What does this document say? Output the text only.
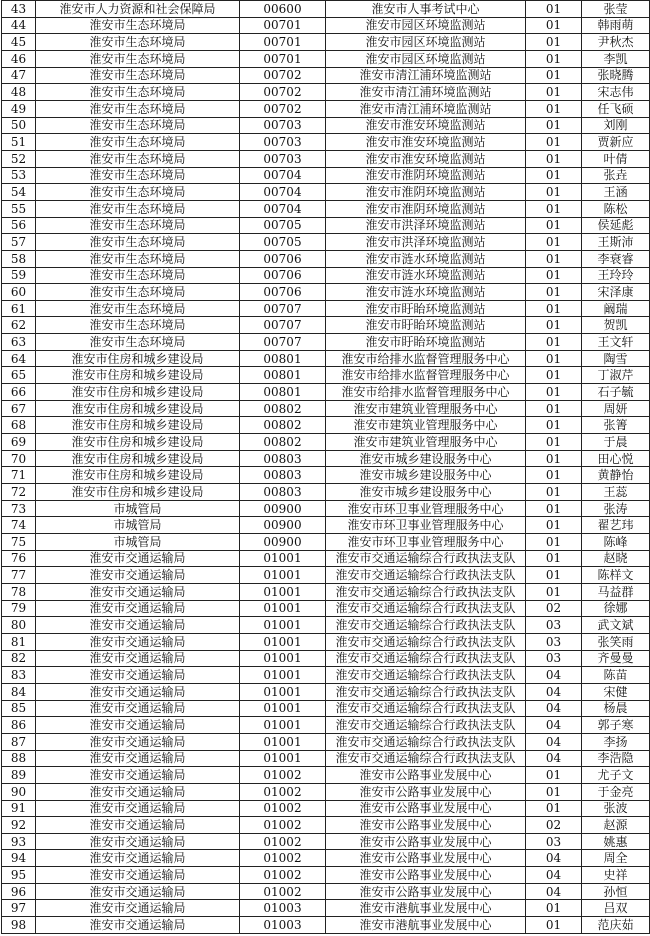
43	淮安市人力资源和社会保障局	00600	淮安市人事考试中心	01	张莹
44	淮安市生态环境局	00701	淮安市园区环境监测站	01	韩雨萌
45	淮安市生态环境局	00701	淮安市园区环境监测站	01	尹秋杰
46	淮安市生态环境局	00701	淮安市园区环境监测站	01	李凯
47	淮安市生态环境局	00702	淮安市清江浦环境监测站	01	张晓腾
48	淮安市生态环境局	00702	淮安市清江浦环境监测站	01	宋志伟
49	淮安市生态环境局	00702	淮安市清江浦环境监测站	01	任飞硕
50	淮安市生态环境局	00703	淮安市淮安环境监测站	01	刘刚
51	淮安市生态环境局	00703	淮安市淮安环境监测站	01	贾新应
52	淮安市生态环境局	00703	淮安市淮安环境监测站	01	叶倩
53	淮安市生态环境局	00704	淮安市淮阴环境监测站	01	张垚
54	淮安市生态环境局	00704	淮安市淮阴环境监测站	01	王涵
55	淮安市生态环境局	00704	淮安市淮阴环境监测站	01	陈松
56	淮安市生态环境局	00705	淮安市洪泽环境监测站	01	侯延彪
57	淮安市生态环境局	00705	淮安市洪泽环境监测站	01	王斯沛
58	淮安市生态环境局	00706	淮安市涟水环境监测站	01	李衰睿
59	淮安市生态环境局	00706	淮安市涟水环境监测站	01	王玲玲
60	淮安市生态环境局	00706	淮安市涟水环境监测站	01	宋泽康
61	淮安市生态环境局	00707	淮安市盱眙环境监测站	01	阚瑞
62	淮安市生态环境局	00707	淮安市盱眙环境监测站	01	贺凯
63	淮安市生态环境局	00707	淮安市盱眙环境监测站	01	王文轩
64	淮安市住房和城乡建设局	00801	淮安市给排水监督管理服务中心	01	陶雪
65	淮安市住房和城乡建设局	00801	淮安市给排水监督管理服务中心	01	丁淑芹
66	淮安市住房和城乡建设局	00801	淮安市给排水监督管理服务中心	01	石子毓
67	淮安市住房和城乡建设局	00802	淮安市建筑业管理服务中心	01	周妍
68	淮安市住房和城乡建设局	00802	淮安市建筑业管理服务中心	01	张箐
69	淮安市住房和城乡建设局	00802	淮安市建筑业管理服务中心	01	于晨
70	淮安市住房和城乡建设局	00803	淮安市城乡建设服务中心	01	田心悦
71	淮安市住房和城乡建设局	00803	淮安市城乡建设服务中心	01	黄静怡
72	淮安市住房和城乡建设局	00803	淮安市城乡建设服务中心	01	王蕊
73	市城管局	00900	淮安市环卫事业管理服务中心	01	张涛
74	市城管局	00900	淮安市环卫事业管理服务中心	01	翟艺玮
75	市城管局	00900	淮安市环卫事业管理服务中心	01	陈峰
76	淮安市交通运输局	01001	淮安市交通运输综合行政执法支队	01	赵晓
77	淮安市交通运输局	01001	淮安市交通运输综合行政执法支队	01	陈样文
78	淮安市交通运输局	01001	淮安市交通运输综合行政执法支队	01	马益群
79	淮安市交通运输局	01001	淮安市交通运输综合行政执法支队	02	徐娜
80	淮安市交通运输局	01001	淮安市交通运输综合行政执法支队	03	武文斌
81	淮安市交通运输局	01001	淮安市交通运输综合行政执法支队	03	张笑雨
82	淮安市交通运输局	01001	淮安市交通运输综合行政执法支队	03	齐曼曼
83	淮安市交通运输局	01001	淮安市交通运输综合行政执法支队	04	陈苗
84	淮安市交通运输局	01001	淮安市交通运输综合行政执法支队	04	宋健
85	淮安市交通运输局	01001	淮安市交通运输综合行政执法支队	04	杨晨
86	淮安市交通运输局	01001	淮安市交通运输综合行政执法支队	04	郭子寒
87	淮安市交通运输局	01001	淮安市交通运输综合行政执法支队	04	李扬
88	淮安市交通运输局	01001	淮安市交通运输综合行政执法支队	04	李浩隐
89	淮安市交通运输局	01002	淮安市公路事业发展中心	01	尤子文
90	淮安市交通运输局	01002	淮安市公路事业发展中心	01	于金亮
91	淮安市交通运输局	01002	淮安市公路事业发展中心	01	张波
92	淮安市交通运输局	01002	淮安市公路事业发展中心	02	赵源
93	淮安市交通运输局	01002	淮安市公路事业发展中心	03	姚惠
94	淮安市交通运输局	01002	淮安市公路事业发展中心	04	周全
95	淮安市交通运输局	01002	淮安市公路事业发展中心	04	史祥
96	淮安市交通运输局	01002	淮安市公路事业发展中心	04	孙恒
97	淮安市交通运输局	01003	淮安市港航事业发展中心	01	吕双
98	淮安市交通运输局	01003	淮安市港航事业发展中心	01	范庆茹
